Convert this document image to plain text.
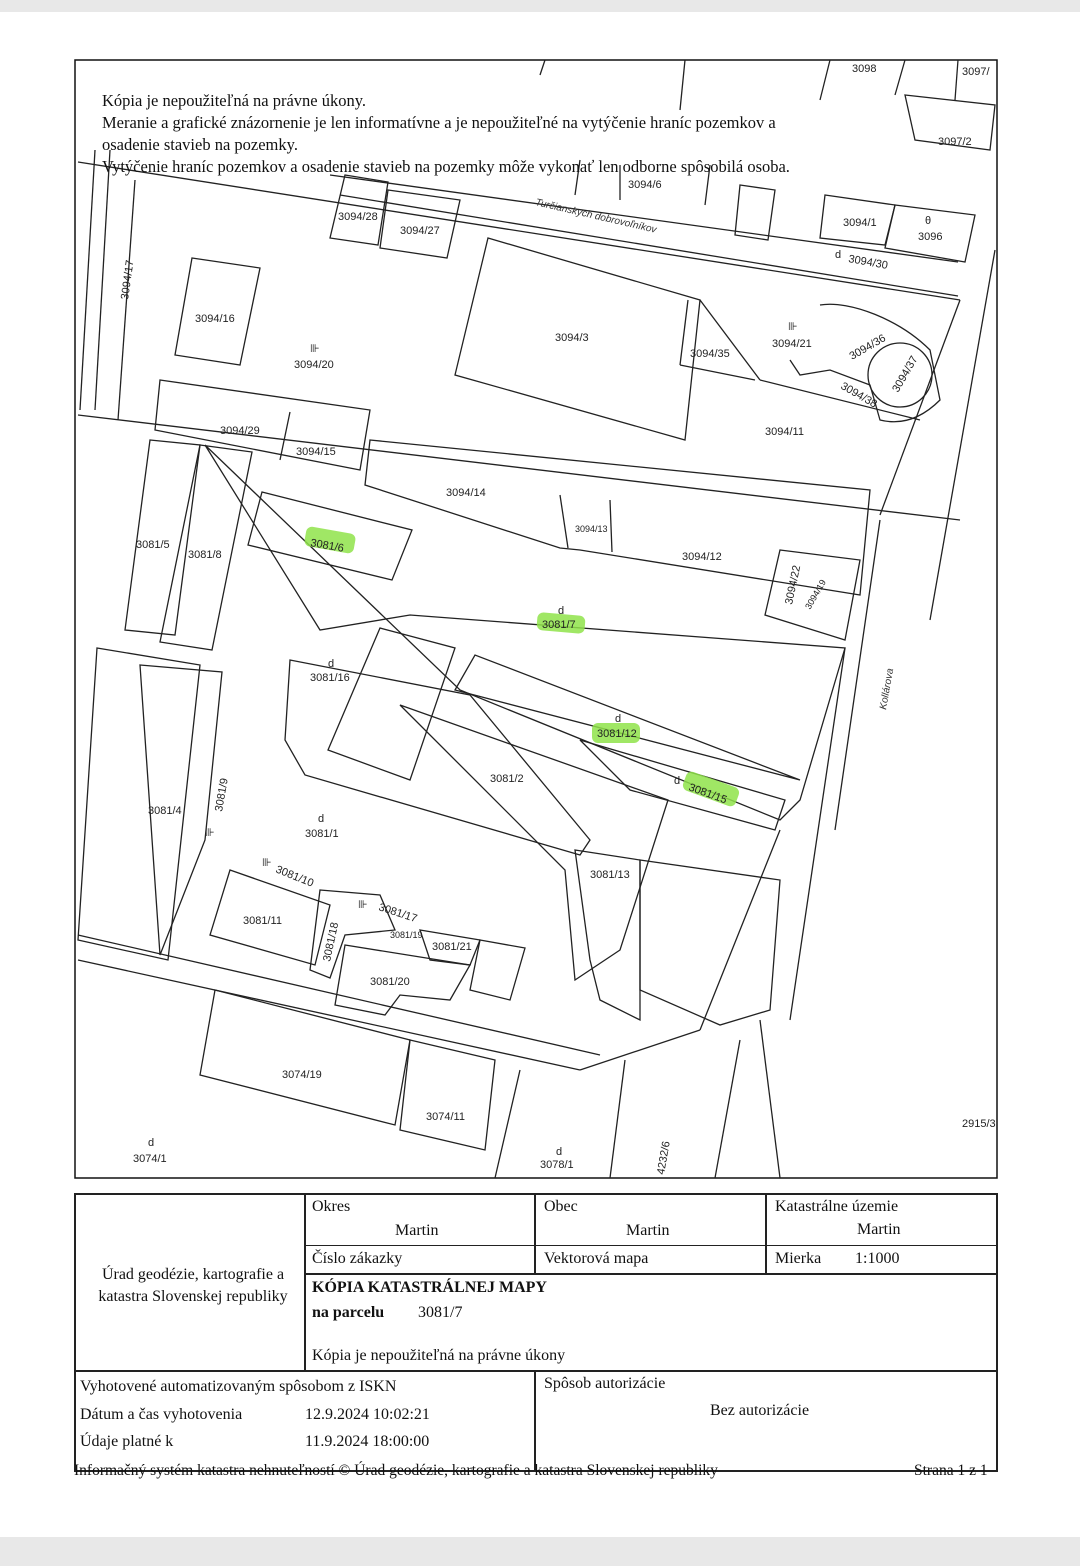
3098	3097/
3097/2
3094/6
3094/28
3094/27	Turčianskych dobrovoľníkov	3094/1
3096
θ
3094/30
d
3094/17
3094/16
⊪
3094/20
3094/3
3094/35
3094/21
⊪
3094/36
3094/37
3094/38
3094/11
3094/29
3094/15
3094/14
3094/13
3094/12
3094/22 3094/19
3081/5
3081/8
3081/6
d
3081/7
d
3081/16	Kollárova
d
3081/12
d
3081/15
3081/2
3081/4	3081/9
⊪
d
3081/1
3081/13
⊪
3081/10
3081/11
⊪ 3081/17
3081/19
3081/18	3081/21
3081/20
3074/19
3074/11
d
3074/1
d
3078/1	4232/6
2915/3
Kópia je nepoužiteľná na právne úkony.
Meranie a grafické znázornenie je len informatívne a je nepoužiteľné na vytýčenie hraníc pozemkov a
osadenie stavieb na pozemky.
Vytýčenie hraníc pozemkov a osadenie stavieb na pozemky môže vykonať len odborne spôsobilá osoba.
Úrad geodézie, kartografie a katastra Slovenskej republiky
Okres
Martin
Obec
Martin
Katastrálne územie
Martin
Číslo zákazky	Vektorová mapa	Mierka 1:1000
KÓPIA KATASTRÁLNEJ MAPY
na parcelu 3081/7
Kópia je nepoužiteľná na právne úkony
Vyhotovené automatizovaným spôsobom z ISKN
Dátum a čas vyhotovenia	12.9.2024 10:02:21
Údaje platné k	11.9.2024 18:00:00
Spôsob autorizácie
Bez autorizácie
Informačný systém katastra nehnuteľností © Úrad geodézie, kartografie a katastra Slovenskej republiky	Strana 1 z 1
